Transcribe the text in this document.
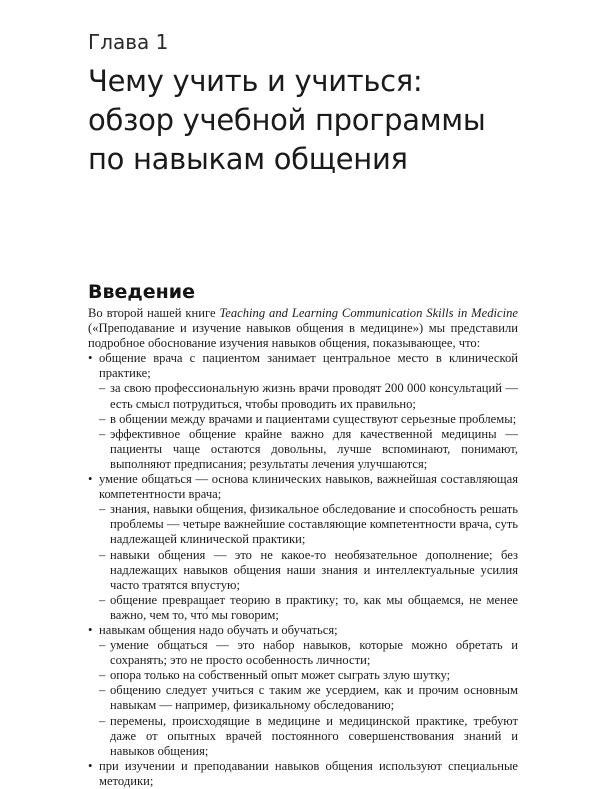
Глава 1
Чему учить и учиться:
обзор учебной программы
по навыкам общения
Введение

Во второй нашей книге Teaching and Learning Communication Skills in Medicine («Преподавание и изучение навыков общения в медицине») мы представили подробное обоснование изучения навыков общения, показывающее, что:

• общение врача с пациентом занимает центральное место в клинической практике;

– за свою профессиональную жизнь врачи проводят 200 000 консультаций — есть смысл потрудиться, чтобы проводить их правильно;

– в общении между врачами и пациентами существуют серьезные проблемы;

– эффективное общение крайне важно для качественной медицины — пациенты чаще остаются довольны, лучше вспоминают, понимают, выполняют предписания; результаты лечения улучшаются;

• умение общаться — основа клинических навыков, важнейшая составляющая компетентности врача;

– знания, навыки общения, физикальное обследование и способность решать проблемы — четыре важнейшие составляющие компетентности врача, суть надлежащей клинической практики;

– навыки общения — это не какое-то необязательное дополнение; без надлежащих навыков общения наши знания и интеллектуальные усилия часто тратятся впустую;

– общение превращает теорию в практику; то, как мы общаемся, не менее важно, чем то, что́ мы говорим;

• навыкам общения надо обучать и обучаться;

– умение общаться — это набор навыков, которые можно обретать и сохранять; это не просто особенность личности;

– опора только на собственный опыт может сыграть злую шутку;

– общению следует учиться с таким же усердием, как и прочим основным навыкам — например, физикальному обследованию;

– перемены, происходящие в медицине и медицинской практике, требуют даже от опытных врачей постоянного совершенствования знаний и навыков общения;

• при изучении и преподавании навыков общения используют специальные методики;
